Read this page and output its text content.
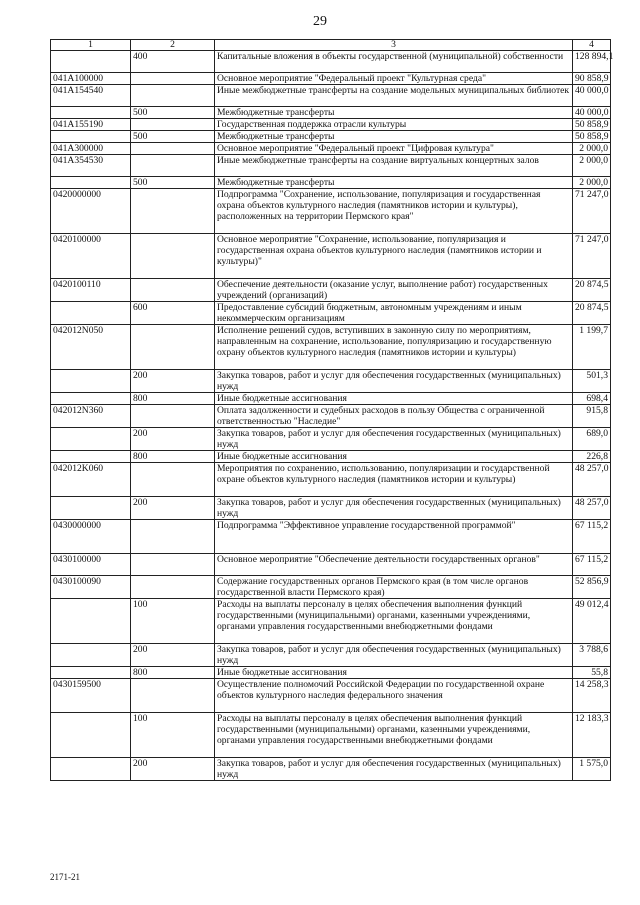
29
1	2	3	4
	400	Капитальные вложения в объекты государственной (муниципальной) собственности	128 894,1
041A100000		Основное мероприятие "Федеральный проект "Культурная среда"	90 858,9
041A154540		Иные межбюджетные трансферты на создание модельных муниципальных библиотек	40 000,0
	500	Межбюджетные трансферты	40 000,0
041A155190		Государственная поддержка отрасли культуры	50 858,9
	500	Межбюджетные трансферты	50 858,9
041A300000		Основное мероприятие "Федеральный проект "Цифровая культура"	2 000,0
041A354530		Иные межбюджетные трансферты на создание виртуальных концертных залов	2 000,0
	500	Межбюджетные трансферты	2 000,0
0420000000		Подпрограмма "Сохранение, использование, популяризация и государственная охрана объектов культурного наследия (памятников истории и культуры), расположенных на территории Пермского края"	71 247,0
0420100000		Основное мероприятие "Сохранение, использование, популяризация и государственная охрана объектов культурного наследия (памятников истории и культуры)"	71 247,0
0420100110		Обеспечение деятельности (оказание услуг, выполнение работ) государственных учреждений (организаций)	20 874,5
	600	Предоставление субсидий бюджетным, автономным учреждениям и иным некоммерческим организациям	20 874,5
042012N050		Исполнение решений судов, вступивших в законную силу по мероприятиям, направленным на сохранение, использование, популяризацию и государственную охрану объектов культурного наследия (памятников истории и культуры)	1 199,7
	200	Закупка товаров, работ и услуг для обеспечения государственных (муниципальных) нужд	501,3
	800	Иные бюджетные ассигнования	698,4
042012N360		Оплата задолженности и судебных расходов в пользу Общества с ограниченной ответственностью "Наследие"	915,8
	200	Закупка товаров, работ и услуг для обеспечения государственных (муниципальных) нужд	689,0
	800	Иные бюджетные ассигнования	226,8
042012K060		Мероприятия по сохранению, использованию, популяризации и государственной охране объектов культурного наследия (памятников истории и культуры)	48 257,0
	200	Закупка товаров, работ и услуг для обеспечения государственных (муниципальных) нужд	48 257,0
0430000000		Подпрограмма "Эффективное управление государственной программой"	67 115,2
0430100000		Основное мероприятие "Обеспечение деятельности государственных органов"	67 115,2
0430100090		Содержание государственных органов Пермского края (в том числе органов государственной власти Пермского края)	52 856,9
	100	Расходы на выплаты персоналу в целях обеспечения выполнения функций государственными (муниципальными) органами, казенными учреждениями, органами управления государственными внебюджетными фондами	49 012,4
	200	Закупка товаров, работ и услуг для обеспечения государственных (муниципальных) нужд	3 788,6
	800	Иные бюджетные ассигнования	55,8
0430159500		Осуществление полномочий Российской Федерации по государственной охране объектов культурного наследия федерального значения	14 258,3
	100	Расходы на выплаты персоналу в целях обеспечения выполнения функций государственными (муниципальными) органами, казенными учреждениями, органами управления государственными внебюджетными фондами	12 183,3
	200	Закупка товаров, работ и услуг для обеспечения государственных (муниципальных) нужд	1 575,0
2171-21
